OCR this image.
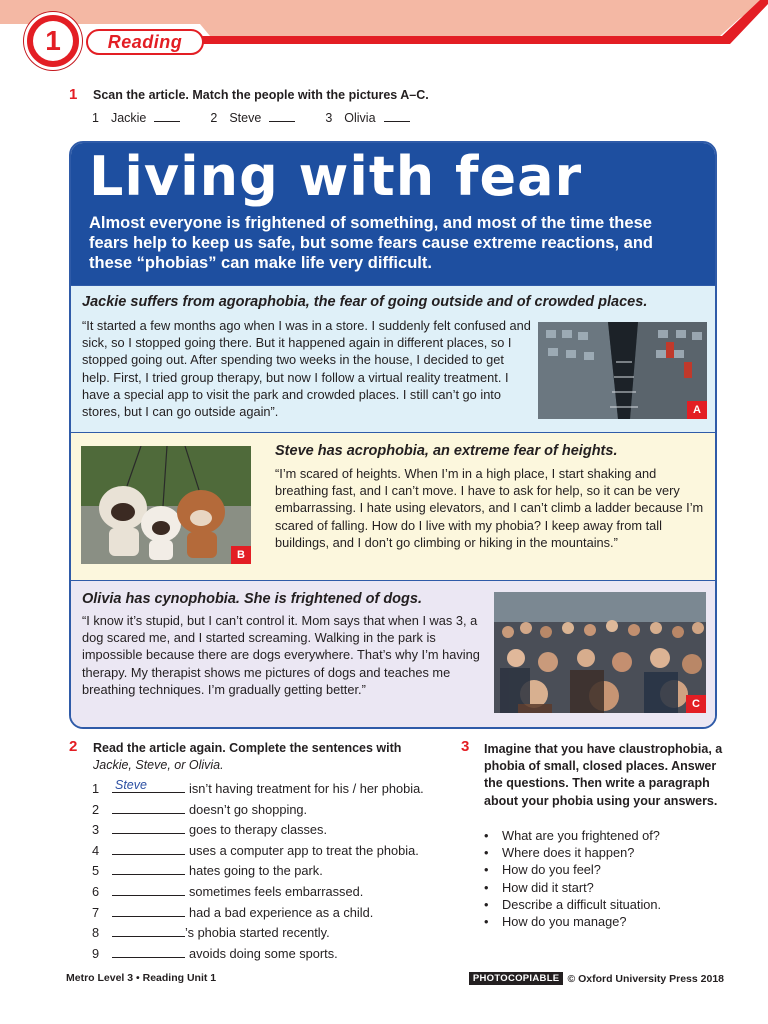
1	Reading
1 Scan the article. Match the people with the pictures A–C.
1 Jackie	2 Steve	3 Olivia
Living with fear
Almost everyone is frightened of something, and most of the time these fears help to keep us safe, but some fears cause extreme reactions, and these “phobias” can make life very difficult.
Jackie suffers from agoraphobia, the fear of going outside and of crowded places.
“It started a few months ago when I was in a store. I suddenly felt confused and sick, so I stopped going there. But it happened again in different places, so I stopped going out. After spending two weeks in the house, I decided to get help. First, I tried group therapy, but now I follow a virtual reality treatment. I have a special app to visit the park and crowded places. I still can’t go into stores, but I can go outside again”.	A
B
Steve has acrophobia, an extreme fear of heights.
“I’m scared of heights. When I’m in a high place, I start shaking and breathing fast, and I can’t move. I have to ask for help, so it can be very embarrassing. I hate using elevators, and I can’t climb a ladder because I’m scared of falling. How do I live with my phobia? I keep away from tall buildings, and I don’t go climbing or hiking in the mountains.”
Olivia has cynophobia. She is frightened of dogs.
“I know it’s stupid, but I can’t control it. Mom says that when I was 3, a dog scared me, and I started screaming. Walking in the park is impossible because there are dogs everywhere. That’s why I’m having therapy. My therapist shows me pictures of dogs and teaches me breathing techniques. I’m gradually getting better.”
C
2 Read the article again. Complete the sentences with
Jackie, Steve, or Olivia.
1	Steve	isn’t having treatment for his / her phobia.
2	doesn’t go shopping.
3	goes to therapy classes.
4	uses a computer app to treat the phobia.
5	hates going to the park.
6	sometimes feels embarrassed.
7	had a bad experience as a child.
8	’s phobia started recently.
9	avoids doing some sports.
3 Imagine that you have claustrophobia, a phobia of small, closed places. Answer the questions. Then write a paragraph about your phobia using your answers.
• What are you frightened of?
• Where does it happen?
• How do you feel?
• How did it start?
• Describe a difficult situation.
• How do you manage?
Metro Level 3 • Reading Unit 1	PHOTOCOPIABLE © Oxford University Press 2018
